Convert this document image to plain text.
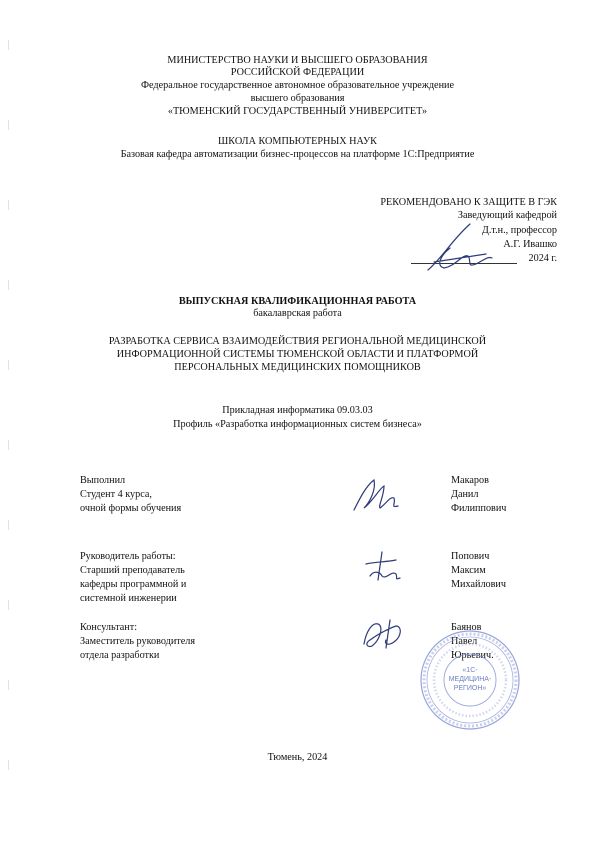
МИНИСТЕРСТВО НАУКИ И ВЫСШЕГО ОБРАЗОВАНИЯ
РОССИЙСКОЙ ФЕДЕРАЦИИ
Федеральное государственное автономное образовательное учреждение
высшего образования
«ТЮМЕНСКИЙ ГОСУДАРСТВЕННЫЙ УНИВЕРСИТЕТ»
ШКОЛА КОМПЬЮТЕРНЫХ НАУК
Базовая кафедра автоматизации бизнес-процессов на платформе 1С:Предприятие
РЕКОМЕНДОВАНО К ЗАЩИТЕ В ГЭК
Заведующий кафедрой
Д.т.н., профессор
А.Г. Ивашко
2024 г.
ВЫПУСКНАЯ КВАЛИФИКАЦИОННАЯ РАБОТА
бакалаврская работа
РАЗРАБОТКА СЕРВИСА ВЗАИМОДЕЙСТВИЯ РЕГИОНАЛЬНОЙ МЕДИЦИНСКОЙ
ИНФОРМАЦИОННОЙ СИСТЕМЫ ТЮМЕНСКОЙ ОБЛАСТИ И ПЛАТФОРМОЙ
ПЕРСОНАЛЬНЫХ МЕДИЦИНСКИХ ПОМОЩНИКОВ
Прикладная информатика 09.03.03
Профиль «Разработка информационных систем бизнеса»
Выполнил
Студент 4 курса,
очной формы обучения
Макаров
Данил
Филиппович
Руководитель работы:
Старший преподаватель
кафедры программной и
системной инженерии
Попович
Максим
Михайлович
Консультант:
Заместитель руководителя
отдела разработки
Баянов
Павел
Юрьевич.
«1С-
МЕДИЦИНА-
РЕГИОН»
Тюмень, 2024
